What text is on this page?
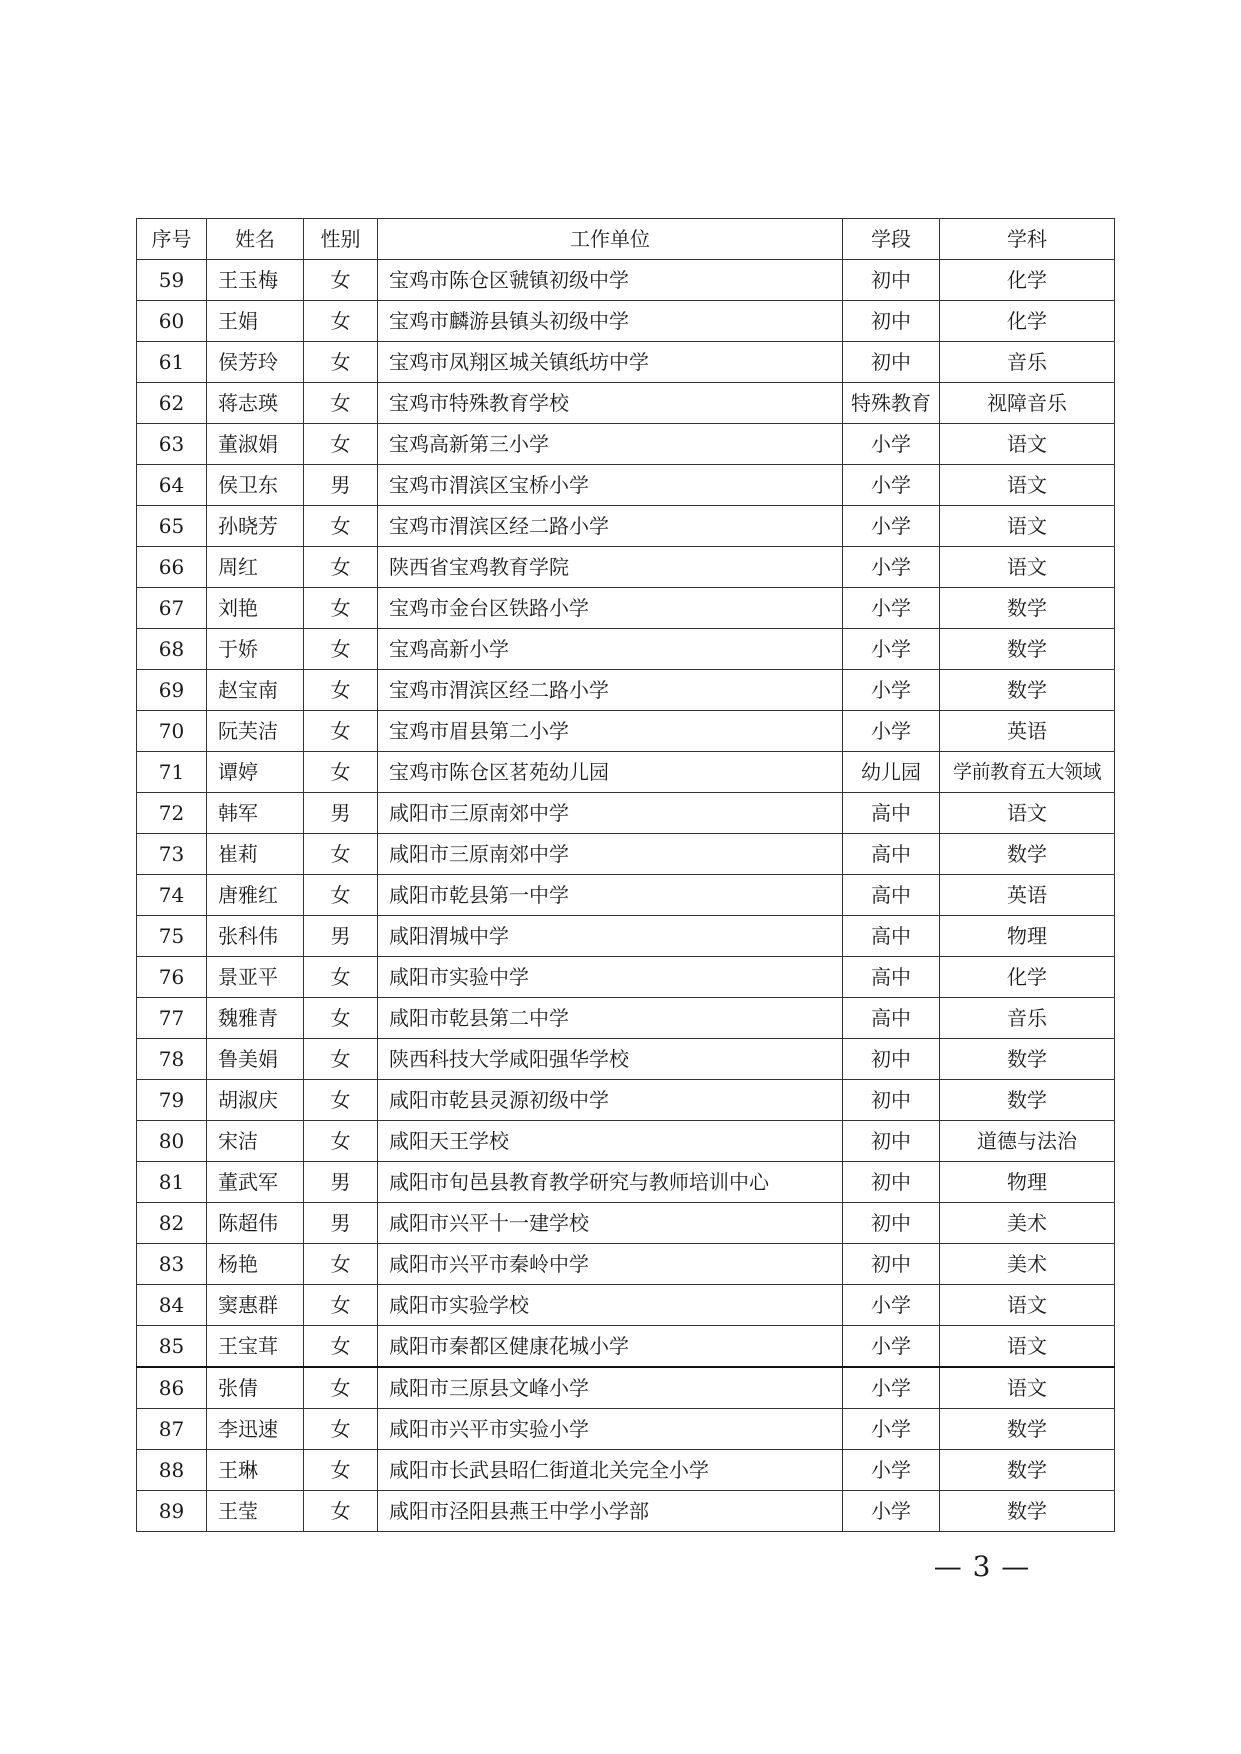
序号	姓名	性别	工作单位	学段	学科
59	王玉梅	女	宝鸡市陈仓区虢镇初级中学	初中	化学
60	王娟	女	宝鸡市麟游县镇头初级中学	初中	化学
61	侯芳玲	女	宝鸡市凤翔区城关镇纸坊中学	初中	音乐
62	蒋志瑛	女	宝鸡市特殊教育学校	特殊教育	视障音乐
63	董淑娟	女	宝鸡高新第三小学	小学	语文
64	侯卫东	男	宝鸡市渭滨区宝桥小学	小学	语文
65	孙晓芳	女	宝鸡市渭滨区经二路小学	小学	语文
66	周红	女	陕西省宝鸡教育学院	小学	语文
67	刘艳	女	宝鸡市金台区铁路小学	小学	数学
68	于娇	女	宝鸡高新小学	小学	数学
69	赵宝南	女	宝鸡市渭滨区经二路小学	小学	数学
70	阮芙洁	女	宝鸡市眉县第二小学	小学	英语
71	谭婷	女	宝鸡市陈仓区茗苑幼儿园	幼儿园	学前教育五大领域
72	韩军	男	咸阳市三原南郊中学	高中	语文
73	崔莉	女	咸阳市三原南郊中学	高中	数学
74	唐雅红	女	咸阳市乾县第一中学	高中	英语
75	张科伟	男	咸阳渭城中学	高中	物理
76	景亚平	女	咸阳市实验中学	高中	化学
77	魏雅青	女	咸阳市乾县第二中学	高中	音乐
78	鲁美娟	女	陕西科技大学咸阳强华学校	初中	数学
79	胡淑庆	女	咸阳市乾县灵源初级中学	初中	数学
80	宋洁	女	咸阳天王学校	初中	道德与法治
81	董武军	男	咸阳市旬邑县教育教学研究与教师培训中心	初中	物理
82	陈超伟	男	咸阳市兴平十一建学校	初中	美术
83	杨艳	女	咸阳市兴平市秦岭中学	初中	美术
84	窦惠群	女	咸阳市实验学校	小学	语文
85	王宝茸	女	咸阳市秦都区健康花城小学	小学	语文
86	张倩	女	咸阳市三原县文峰小学	小学	语文
87	李迅速	女	咸阳市兴平市实验小学	小学	数学
88	王琳	女	咸阳市长武县昭仁街道北关完全小学	小学	数学
89	王莹	女	咸阳市泾阳县燕王中学小学部	小学	数学
— 3 —
